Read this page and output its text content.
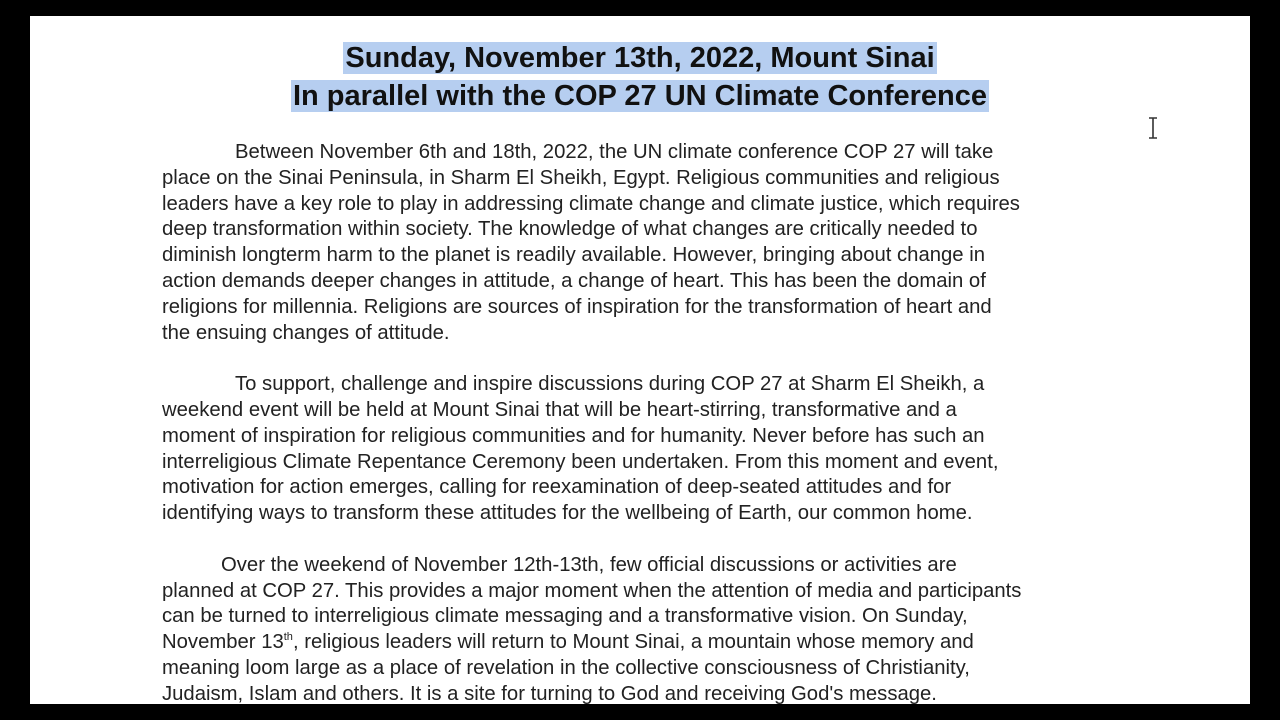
Sunday, November 13th, 2022, Mount Sinai
In parallel with the COP 27 UN Climate Conference
Between November 6th and 18th, 2022, the UN climate conference COP 27 will take
place on the Sinai Peninsula, in Sharm El Sheikh, Egypt. Religious communities and religious
leaders have a key role to play in addressing climate change and climate justice, which requires
deep transformation within society. The knowledge of what changes are critically needed to
diminish longterm harm to the planet is readily available. However, bringing about change in
action demands deeper changes in attitude, a change of heart. This has been the domain of
religions for millennia. Religions are sources of inspiration for the transformation of heart and
the ensuing changes of attitude.
To support, challenge and inspire discussions during COP 27 at Sharm El Sheikh, a
weekend event will be held at Mount Sinai that will be heart-stirring, transformative and a
moment of inspiration for religious communities and for humanity. Never before has such an
interreligious Climate Repentance Ceremony been undertaken. From this moment and event,
motivation for action emerges, calling for reexamination of deep-seated attitudes and for
identifying ways to transform these attitudes for the wellbeing of Earth, our common home.
Over the weekend of November 12th-13th, few official discussions or activities are
planned at COP 27. This provides a major moment when the attention of media and participants
can be turned to interreligious climate messaging and a transformative vision. On Sunday,
November 13th, religious leaders will return to Mount Sinai, a mountain whose memory and
meaning loom large as a place of revelation in the collective consciousness of Christianity,
Judaism, Islam and others. It is a site for turning to God and receiving God's message.
